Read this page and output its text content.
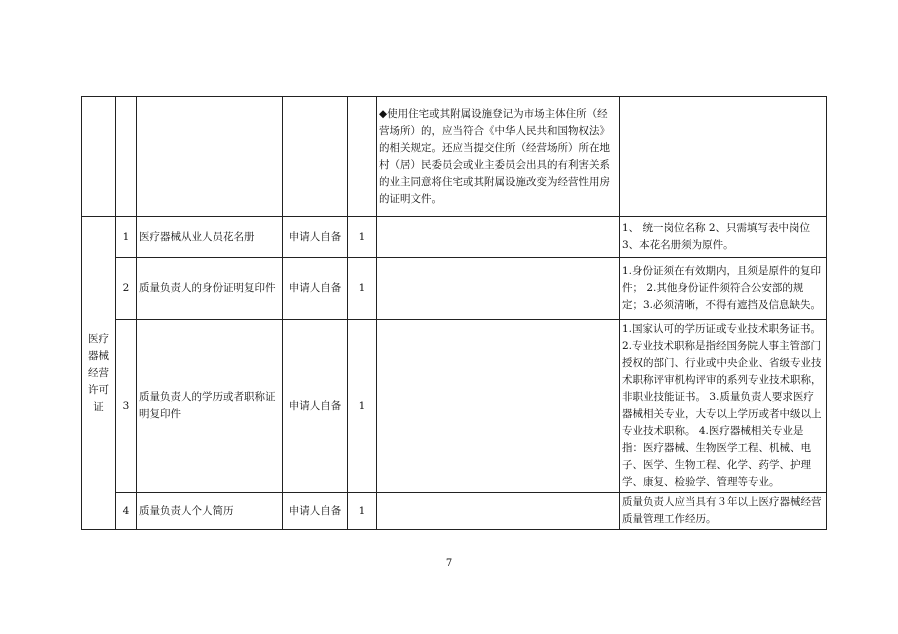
					◆使用住宅或其附属设施登记为市场主体住所（经营场所）的，应当符合《中华人民共和国物权法》的相关规定。还应当提交住所（经营场所）所在地村（居）民委员会或业主委员会出具的有利害关系的业主同意将住宅或其附属设施改变为经营性用房的证明文件。	
医疗器械经营许可证	1	医疗器械从业人员花名册	申请人自备	1		1、 统一岗位名称 2、只需填写表中岗位 3、本花名册须为原件。
	2	质量负责人的身份证明复印件	申请人自备	1		1.身份证须在有效期内，且须是原件的复印件； 2.其他身份证件须符合公安部的规定；3.必须清晰，不得有遮挡及信息缺失。
	3	质量负责人的学历或者职称证明复印件	申请人自备	1		1.国家认可的学历证或专业技术职务证书。2.专业技术职称是指经国务院人事主管部门授权的部门、行业或中央企业、省级专业技术职称评审机构评审的系列专业技术职称，非职业技能证书。 3.质量负责人要求医疗器械相关专业，大专以上学历或者中级以上专业技术职称。 4.医疗器械相关专业是指：医疗器械、生物医学工程、机械、电子、医学、生物工程、化学、药学、护理学、康复、检验学、管理等专业。
	4	质量负责人个人简历	申请人自备	1		质量负责人应当具有３年以上医疗器械经营质量管理工作经历。
7
